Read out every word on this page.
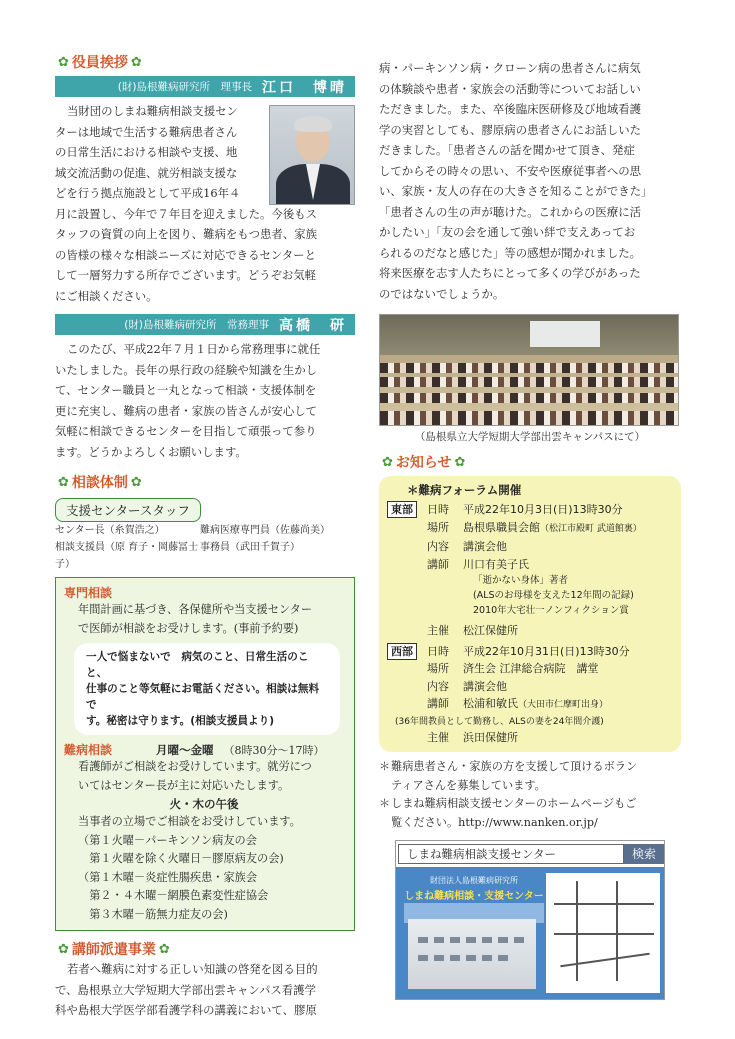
✿ 役員挨拶 ✿
(財)島根難病研究所　理事長 江口　博晴
当財団のしまね難病相談支援セン
ターは地域で生活する難病患者さん
の日常生活における相談や支援、地
域交流活動の促進、就労相談支援な
どを行う拠点施設として平成16年４
月に設置し、今年で７年目を迎えました。今後もス
タッフの資質の向上を図り、難病をもつ患者、家族
の皆様の様々な相談ニーズに対応できるセンターと
して一層努力する所存でございます。どうぞお気軽
にご相談ください。
(財)島根難病研究所　常務理事 高橋　研
このたび、平成22年７月１日から常務理事に就任
いたしました。長年の県行政の経験や知識を生かし
て、センター職員と一丸となって相談・支援体制を
更に充実し、難病の患者・家族の皆さんが安心して
気軽に相談できるセンターを目指して頑張って参り
ます。どうかよろしくお願いします。
✿ 相談体制 ✿
支援センタースタッフ
センター長（糸賀浩之）	難病医療専門員（佐藤尚美）
相談支援員（原 育子・岡藤冨士子）
事務員（武田千賀子）
専門相談
年間計画に基づき、各保健所や当支援センター
で医師が相談をお受けします。(事前予約要)
一人で悩まないで　病気のこと、日常生活のこと、
仕事のこと等気軽にお電話ください。相談は無料で
す。秘密は守ります。(相談支援員より)
難病相談	月曜～金曜 （8時30分～17時）
看護師がご相談をお受けしています。就労につ
いてはセンター長が主に対応いたします。
火・木の午後
当事者の立場でご相談をお受けしています。
（第１火曜－パーキンソン病友の会
　第１火曜を除く火曜日－膠原病友の会)
（第１木曜－炎症性腸疾患・家族会
　第２・４木曜－網膜色素変性症協会
　第３木曜－筋無力症友の会)
✿ 講師派遣事業 ✿
若者へ難病に対する正しい知識の啓発を図る目的
で、島根県立大学短期大学部出雲キャンパス看護学
科や島根大学医学部看護学科の講義において、膠原
病・パーキンソン病・クローン病の患者さんに病気
の体験談や患者・家族会の活動等についてお話しい
ただきました。また、卒後臨床医研修及び地域看護
学の実習としても、膠原病の患者さんにお話しいた
だきました。「患者さんの話を聞かせて頂き、発症
してからその時々の思い、不安や医療従事者への思
い、家族・友人の存在の大きさを知ることができた」
「患者さんの生の声が聴けた。これからの医療に活
かしたい」「友の会を通して強い絆で支えあってお
られるのだなと感じた」等の感想が聞かれました。
将来医療を志す人たちにとって多くの学びがあった
のではないでしょうか。
（島根県立大学短期大学部出雲キャンパスにて）
✿ お知らせ ✿
＊難病フォーラム開催
東部	日時	平成22年10月3日(日)13時30分
場所	島根県職員会館（松江市殿町 武道館裏）
内容	講演会他
講師	川口有美子氏
「逝かない身体」著者
(ALSのお母様を支えた12年間の記録)
2010年大宅壮一ノンフィクション賞
主催	松江保健所
西部	日時	平成22年10月31日(日)13時30分
場所	済生会 江津総合病院　講堂
内容	講演会他
講師	松浦和敏氏（大田市仁摩町出身）
(36年間教員として勤務し、ALSの妻を24年間介護)
主催	浜田保健所
＊ 難病患者さん・家族の方を支援して頂けるボラン
ティアさんを募集しています。
＊ しまね難病相談支援センターのホームページもご
覧ください。http://www.nanken.or.jp/
しまね難病相談支援センター	検索
財団法人島根難病研究所
しまね難病相談・支援センター
